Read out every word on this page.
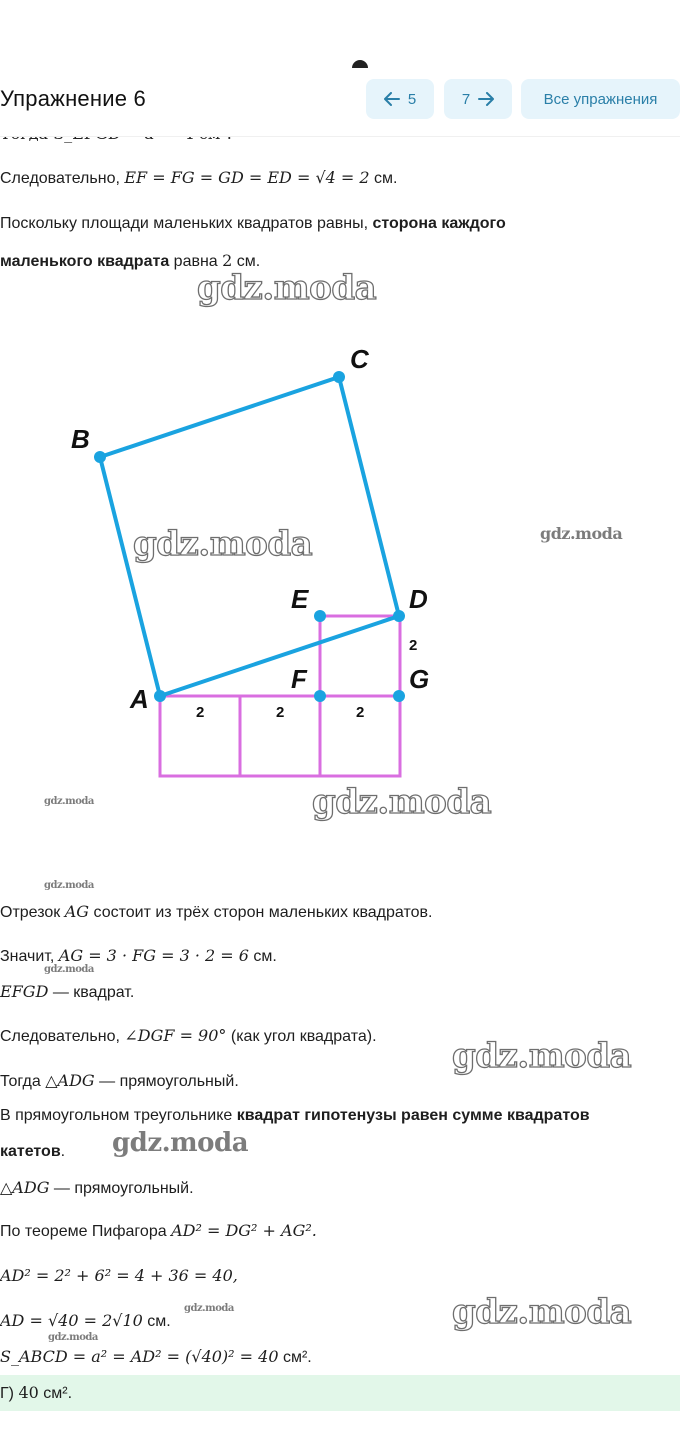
Упражнение 6	5	7	Все упражнения
Следовательно, EF = FG = GD = ED = √4 = 2 см.
Поскольку площади маленьких квадратов равны, сторона каждого
маленького квадрата равна 2 см.
gdz.moda
A
B
C
D
E
F	G
2	2	2
2
gdz.moda	gdz.moda
gdz.moda
gdz.moda
gdz.moda
Отрезок AG состоит из трёх сторон маленьких квадратов.
Значит, AG = 3 · FG = 3 · 2 = 6 см.
gdz.moda
EFGD — квадрат.
Следовательно, ∠DGF = 90° (как угол квадрата). gdz.moda
Тогда △ADG — прямоугольный.
В прямоугольном треугольнике квадрат гипотенузы равен сумме квадратов
катетов. gdz.moda
△ADG — прямоугольный.
По теореме Пифагора AD² = DG² + AG².
AD² = 2² + 6² = 4 + 36 = 40,
gdz.moda
AD = √40 = 2√10 см.
gdz.moda
gdz.moda
S_ABCD = a² = AD² = (√40)² = 40 см².
Г) 40 см².
